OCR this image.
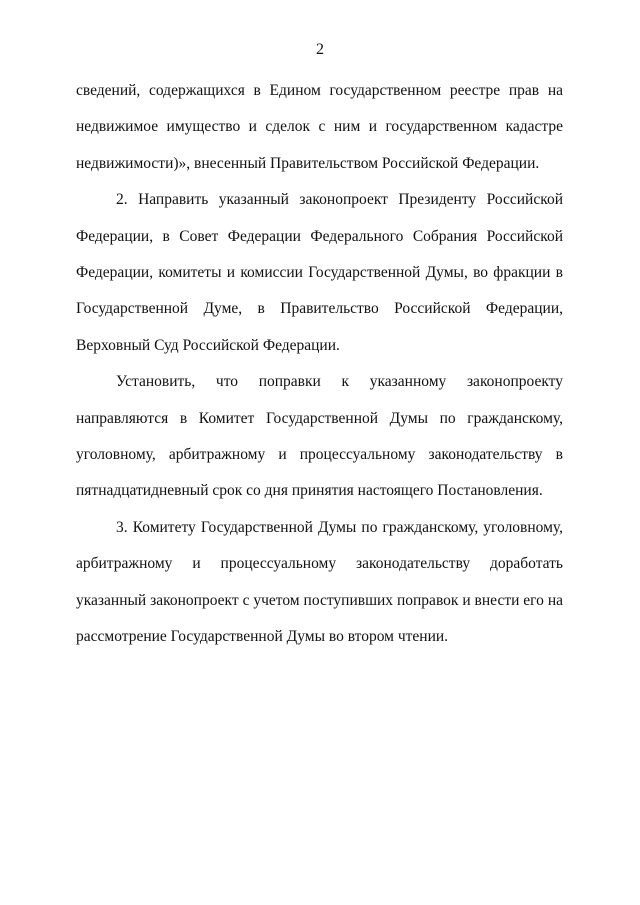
2
сведений, содержащихся в Едином государственном реестре прав на
недвижимое имущество и сделок с ним и государственном кадастре
недвижимости)», внесенный Правительством Российской Федерации.
2. Направить указанный законопроект Президенту Российской
Федерации, в Совет Федерации Федерального Собрания Российской
Федерации, комитеты и комиссии Государственной Думы, во фракции в
Государственной Думе, в Правительство Российской Федерации,
Верховный Суд Российской Федерации.
Установить, что поправки к указанному законопроекту
направляются в Комитет Государственной Думы по гражданскому,
уголовному, арбитражному и процессуальному законодательству в
пятнадцатидневный срок со дня принятия настоящего Постановления.
3. Комитету Государственной Думы по гражданскому, уголовному,
арбитражному и процессуальному законодательству доработать
указанный законопроект с учетом поступивших поправок и внести его на
рассмотрение Государственной Думы во втором чтении.
